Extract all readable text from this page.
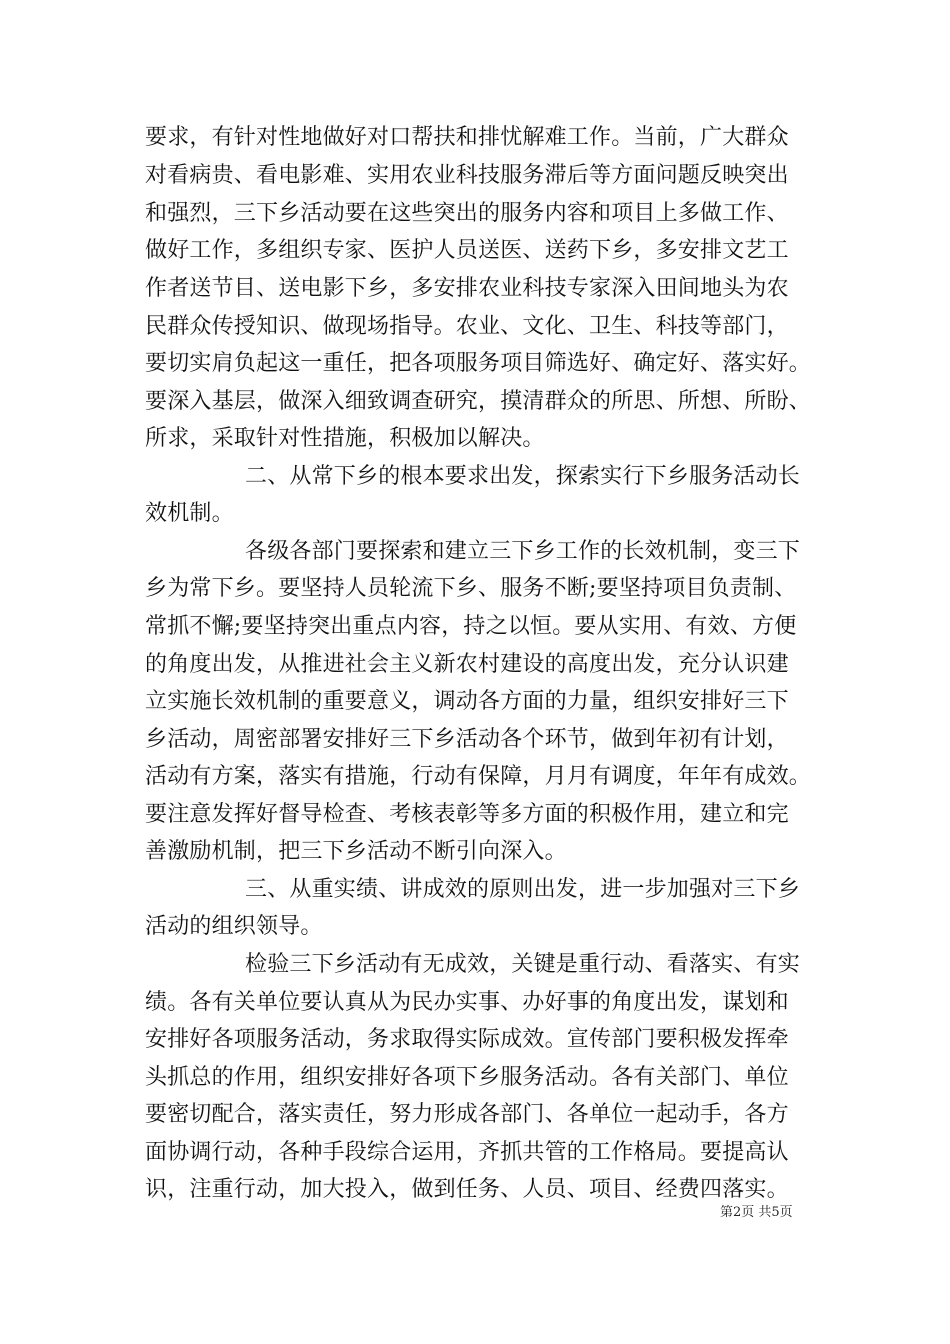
要求，有针对性地做好对口帮扶和排忧解难工作。当前，广大群众
对看病贵、看电影难、实用农业科技服务滞后等方面问题反映突出
和强烈，三下乡活动要在这些突出的服务内容和项目上多做工作、
做好工作，多组织专家、医护人员送医、送药下乡，多安排文艺工
作者送节目、送电影下乡，多安排农业科技专家深入田间地头为农
民群众传授知识、做现场指导。农业、文化、卫生、科技等部门，
要切实肩负起这一重任，把各项服务项目筛选好、确定好、落实好。
要深入基层，做深入细致调查研究，摸清群众的所思、所想、所盼、
所求，采取针对性措施，积极加以解决。
二、从常下乡的根本要求出发，探索实行下乡服务活动长
效机制。
各级各部门要探索和建立三下乡工作的长效机制，变三下
乡为常下乡。要坚持人员轮流下乡、服务不断;要坚持项目负责制、
常抓不懈;要坚持突出重点内容，持之以恒。要从实用、有效、方便
的角度出发，从推进社会主义新农村建设的高度出发，充分认识建
立实施长效机制的重要意义，调动各方面的力量，组织安排好三下
乡活动，周密部署安排好三下乡活动各个环节，做到年初有计划，
活动有方案，落实有措施，行动有保障，月月有调度，年年有成效。
要注意发挥好督导检查、考核表彰等多方面的积极作用，建立和完
善激励机制，把三下乡活动不断引向深入。
三、从重实绩、讲成效的原则出发，进一步加强对三下乡
活动的组织领导。
检验三下乡活动有无成效，关键是重行动、看落实、有实
绩。各有关单位要认真从为民办实事、办好事的角度出发，谋划和
安排好各项服务活动，务求取得实际成效。宣传部门要积极发挥牵
头抓总的作用，组织安排好各项下乡服务活动。各有关部门、单位
要密切配合，落实责任，努力形成各部门、各单位一起动手，各方
面协调行动，各种手段综合运用，齐抓共管的工作格局。要提高认
识，注重行动，加大投入，做到任务、人员、项目、经费四落实。
第2页 共5页
